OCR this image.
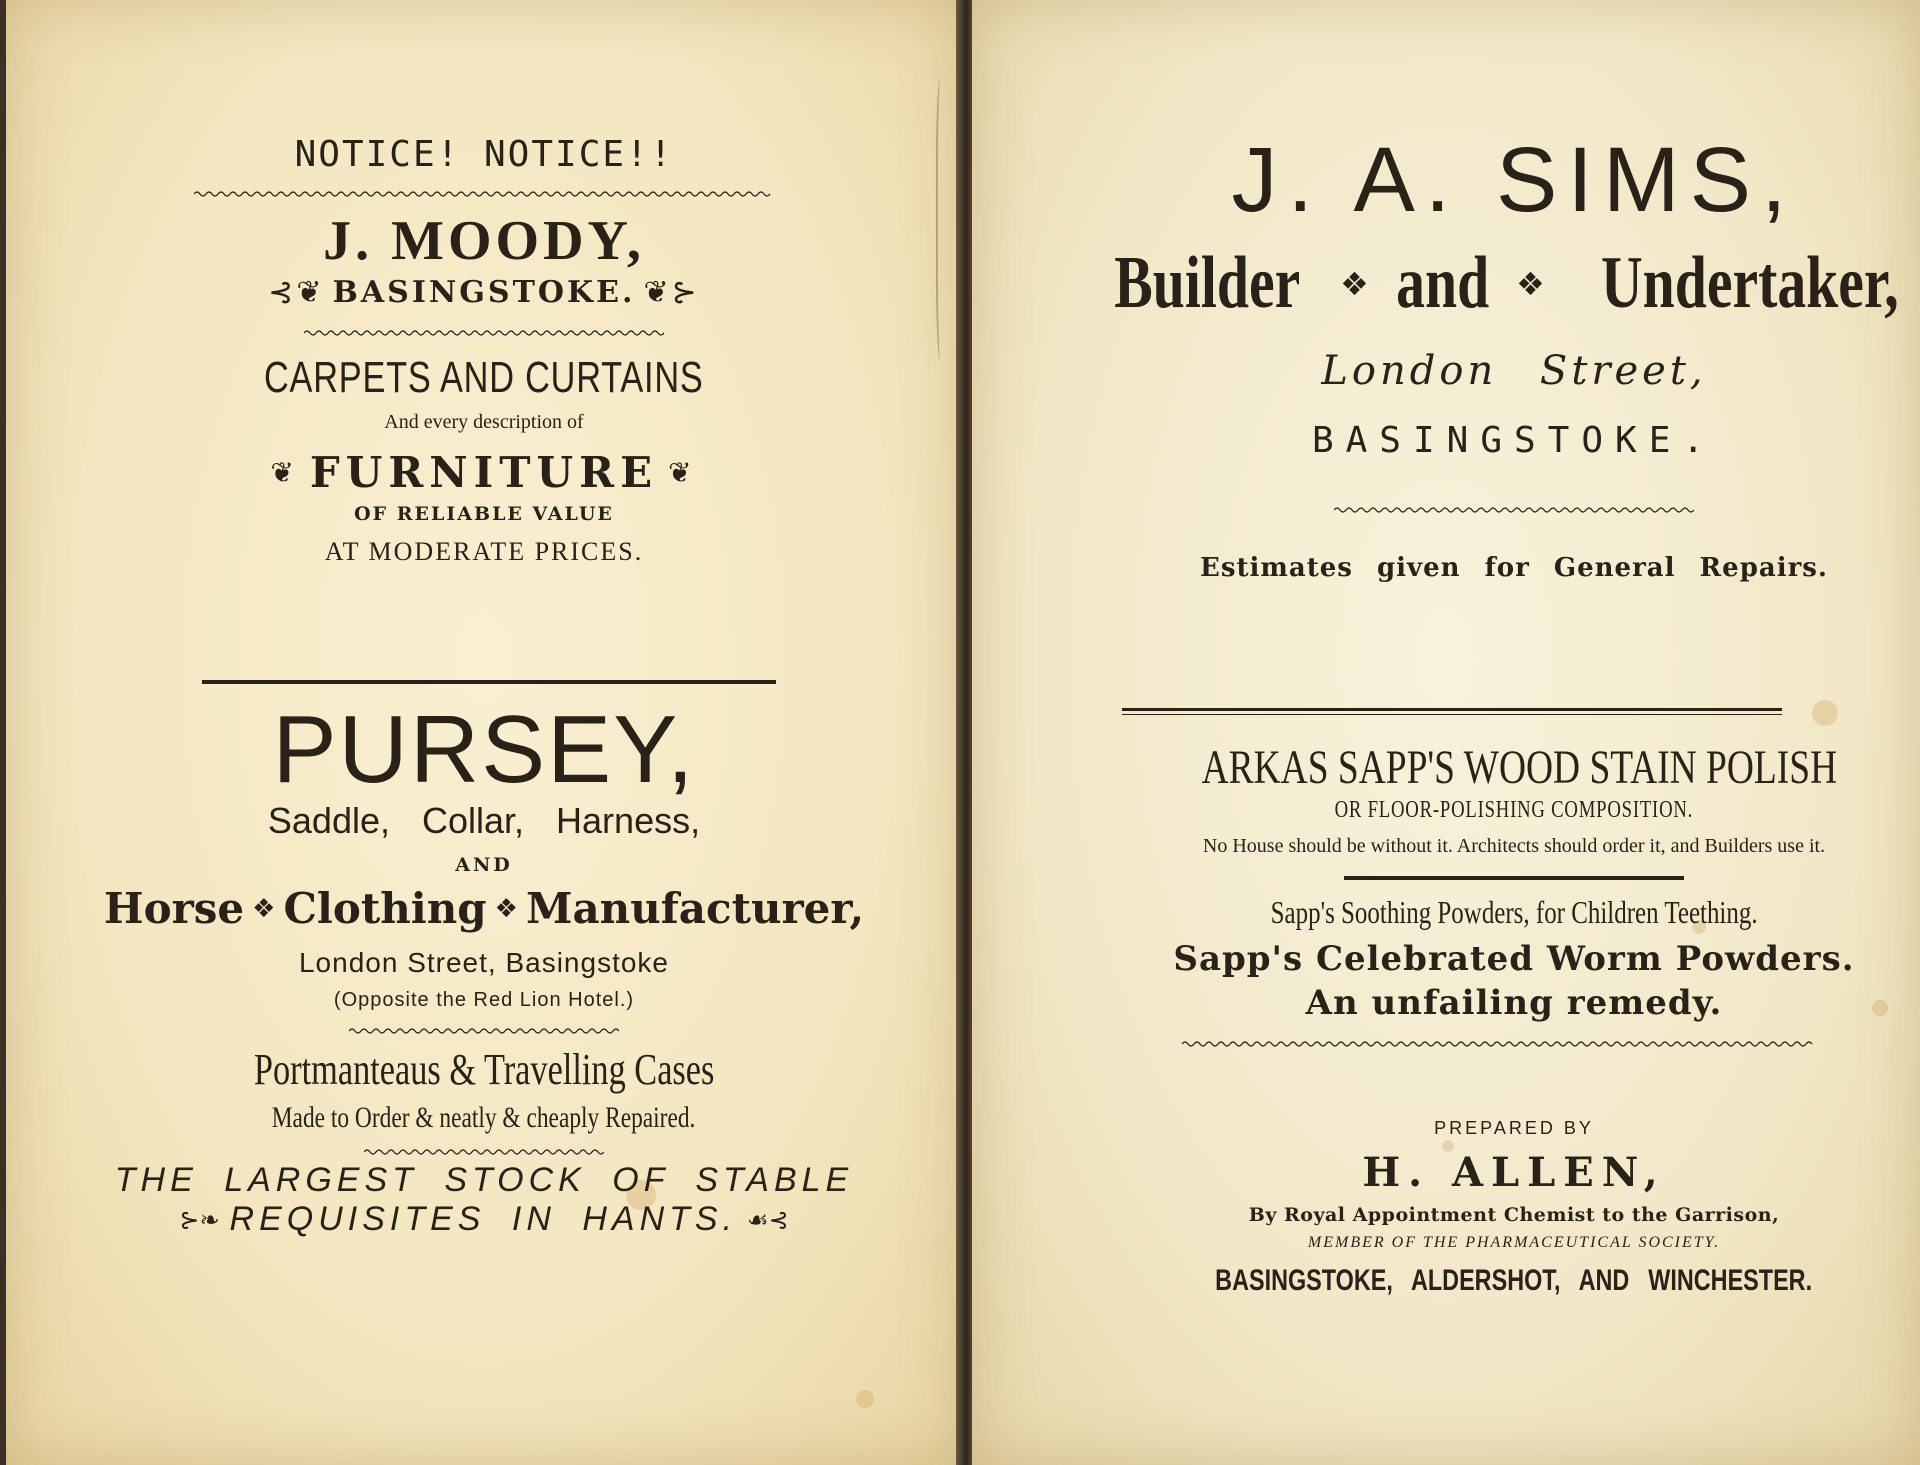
NOTICE! NOTICE!!
J. MOODY,
⊰❦ BASINGSTOKE. ❦⊱
CARPETS AND CURTAINS
And every description of
❦ FURNITURE ❦
OF RELIABLE VALUE
AT MODERATE PRICES.
PURSEY,
Saddle, Collar, Harness,
AND
Horse ❖ Clothing ❖ Manufacturer,
London Street, Basingstoke
(Opposite the Red Lion Hotel.)
Portmanteaus & Travelling Cases
Made to Order & neatly & cheaply Repaired.
THE LARGEST STOCK OF STABLE
⊱❧ REQUISITES IN HANTS. ☙⊰
J. A. SIMS,
Builder ❖ and ❖ Undertaker,
London Street,
BASINGSTOKE.
Estimates given for General Repairs.
ARKAS SAPP'S WOOD STAIN POLISH
OR FLOOR-POLISHING COMPOSITION.
No House should be without it. Architects should order it, and Builders use it.
Sapp's Soothing Powders, for Children Teething.
Sapp's Celebrated Worm Powders.
An unfailing remedy.
PREPARED BY
H. ALLEN,
By Royal Appointment Chemist to the Garrison,
MEMBER OF THE PHARMACEUTICAL SOCIETY.
BASINGSTOKE, ALDERSHOT, AND WINCHESTER.
